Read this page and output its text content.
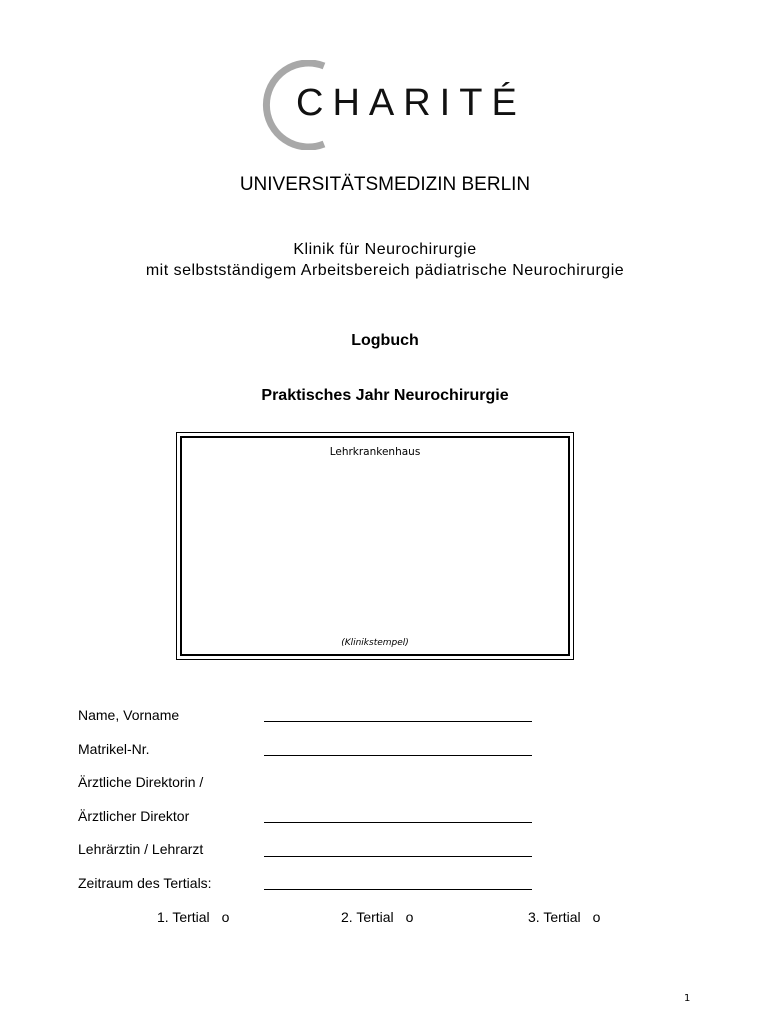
CHARITÉ
UNIVERSITÄTSMEDIZIN BERLIN
Klinik für Neurochirurgie
mit selbstständigem Arbeitsbereich pädiatrische Neurochirurgie
Logbuch
Praktisches Jahr Neurochirurgie
Lehrkrankenhaus
(Klinikstempel)
Name, Vorname
Matrikel-Nr.
Ärztliche Direktorin /
Ärztlicher Direktor
Lehrärztin / Lehrarzt
Zeitraum des Tertials:
1. Tertial o	2. Tertial o	3. Tertial o
1
